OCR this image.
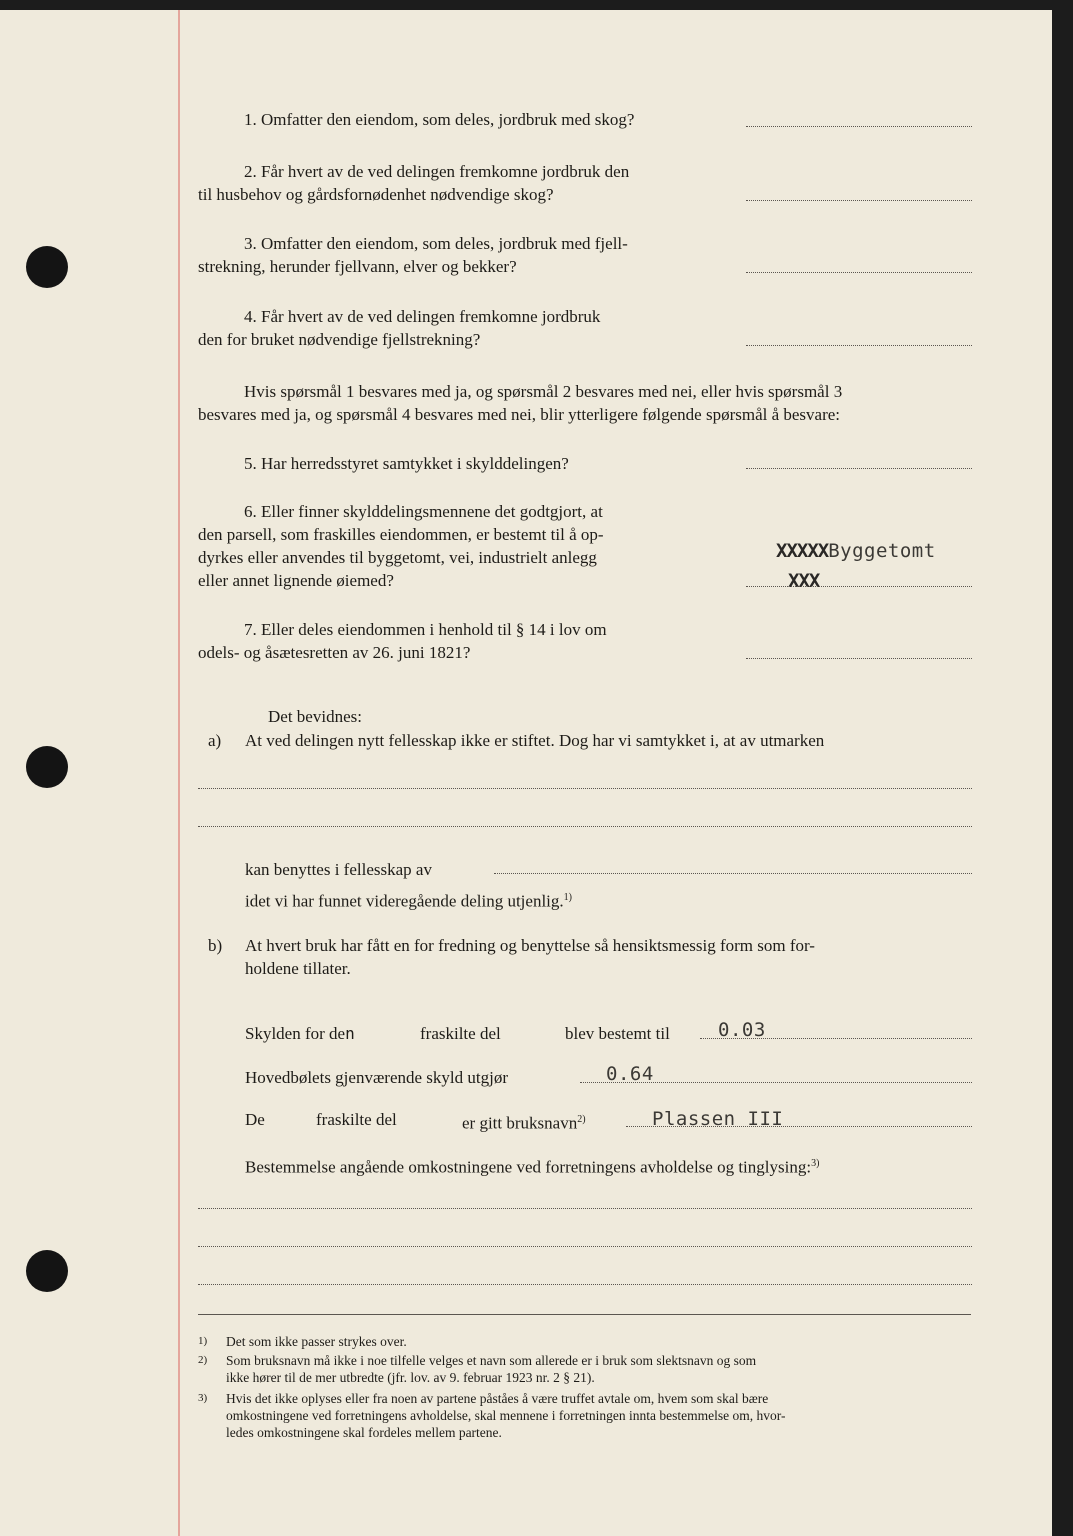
1. Omfatter den eiendom, som deles, jordbruk med skog?
2. Får hvert av de ved delingen fremkomne jordbruk den
til husbehov og gårdsfornødenhet nødvendige skog?
3. Omfatter den eiendom, som deles, jordbruk med fjell-
strekning, herunder fjellvann, elver og bekker?
4. Får hvert av de ved delingen fremkomne jordbruk
den for bruket nødvendige fjellstrekning?
Hvis spørsmål 1 besvares med ja, og spørsmål 2 besvares med nei, eller hvis spørsmål 3
besvares med ja, og spørsmål 4 besvares med nei, blir ytterligere følgende spørsmål å besvare:
5. Har herredsstyret samtykket i skylddelingen?
6. Eller finner skylddelingsmennene det godtgjort, at
den parsell, som fraskilles eiendommen, er bestemt til å op-
dyrkes eller anvendes til byggetomt, vei, industrielt anlegg
eller annet lignende øiemed?
XXXXXByggetomt
XXX
7. Eller deles eiendommen i henhold til § 14 i lov om
odels- og åsætesretten av 26. juni 1821?
Det bevidnes:
a) At ved delingen nytt fellesskap ikke er stiftet. Dog har vi samtykket i, at av utmarken
kan benyttes i fellesskap av
idet vi har funnet videregående deling utjenlig.$^{1)}$
b) At hvert bruk har fått en for fredning og benyttelse så hensiktsmessig form som for-
holdene tillater.
Skylden for den	fraskilte del	blev bestemt til	0.03
Hovedbølets gjenværende skyld utgjør	0.64
De	fraskilte del	er gitt bruksnavn$^{2)}$	Plassen III
Bestemmelse angående omkostningene ved forretningens avholdelse og tinglysing:$^{3)}$
1) Det som ikke passer strykes over.
2) Som bruksnavn må ikke i noe tilfelle velges et navn som allerede er i bruk som slektsnavn og som
ikke hører til de mer utbredte (jfr. lov. av 9. februar 1923 nr. 2 § 21).
3) Hvis det ikke oplyses eller fra noen av partene påståes å være truffet avtale om, hvem som skal bære
omkostningene ved forretningens avholdelse, skal mennene i forretningen innta bestemmelse om, hvor-
ledes omkostningene skal fordeles mellem partene.
